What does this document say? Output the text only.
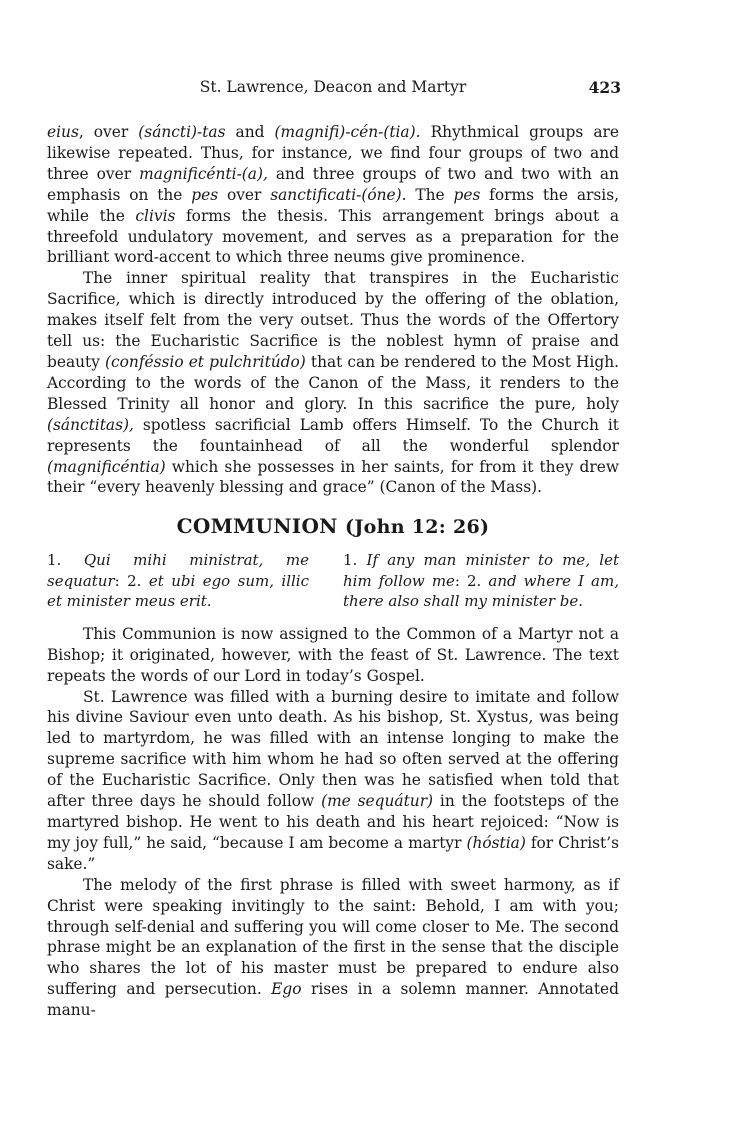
St. Lawrence, Deacon and Martyr	423

eius, over (sáncti)-tas and (magnifi)-cén-(tia). Rhythmical groups are likewise repeated. Thus, for instance, we find four groups of two and three over magnificénti-(a), and three groups of two and two with an emphasis on the pes over sanctificati-(óne). The pes forms the arsis, while the clivis forms the thesis. This arrangement brings about a threefold undulatory movement, and serves as a preparation for the brilliant word-accent to which three neums give prominence.

The inner spiritual reality that transpires in the Eucharistic Sacrifice, which is directly introduced by the offering of the oblation, makes itself felt from the very outset. Thus the words of the Offertory tell us: the Eucharistic Sacrifice is the noblest hymn of praise and beauty (conféssio et pulchritúdo) that can be rendered to the Most High. According to the words of the Canon of the Mass, it renders to the Blessed Trinity all honor and glory. In this sacrifice the pure, holy (sánctitas), spotless sacrificial Lamb offers Himself. To the Church it represents the fountainhead of all the wonderful splendor (magnificéntia) which she possesses in her saints, for from it they drew their “every heavenly blessing and grace” (Canon of the Mass).

COMMUNION (John 12: 26)
1. Qui mihi ministrat, me sequatur: 2. et ubi ego sum, illic et minister meus erit.
1. If any man minister to me, let him follow me: 2. and where I am, there also shall my minister be.

This Communion is now assigned to the Common of a Martyr not a Bishop; it originated, however, with the feast of St. Lawrence. The text repeats the words of our Lord in today’s Gospel.

St. Lawrence was filled with a burning desire to imitate and follow his divine Saviour even unto death. As his bishop, St. Xystus, was being led to martyrdom, he was filled with an intense longing to make the supreme sacrifice with him whom he had so often served at the offering of the Eucharistic Sacrifice. Only then was he satisfied when told that after three days he should follow (me sequátur) in the footsteps of the martyred bishop. He went to his death and his heart rejoiced: “Now is my joy full,” he said, “because I am become a martyr (hóstia) for Christ’s sake.”

The melody of the first phrase is filled with sweet harmony, as if Christ were speaking invitingly to the saint: Behold, I am with you; through self-denial and suffering you will come closer to Me. The second phrase might be an explanation of the first in the sense that the disciple who shares the lot of his master must be prepared to endure also suffering and persecution. Ego rises in a solemn manner. Annotated manu-
